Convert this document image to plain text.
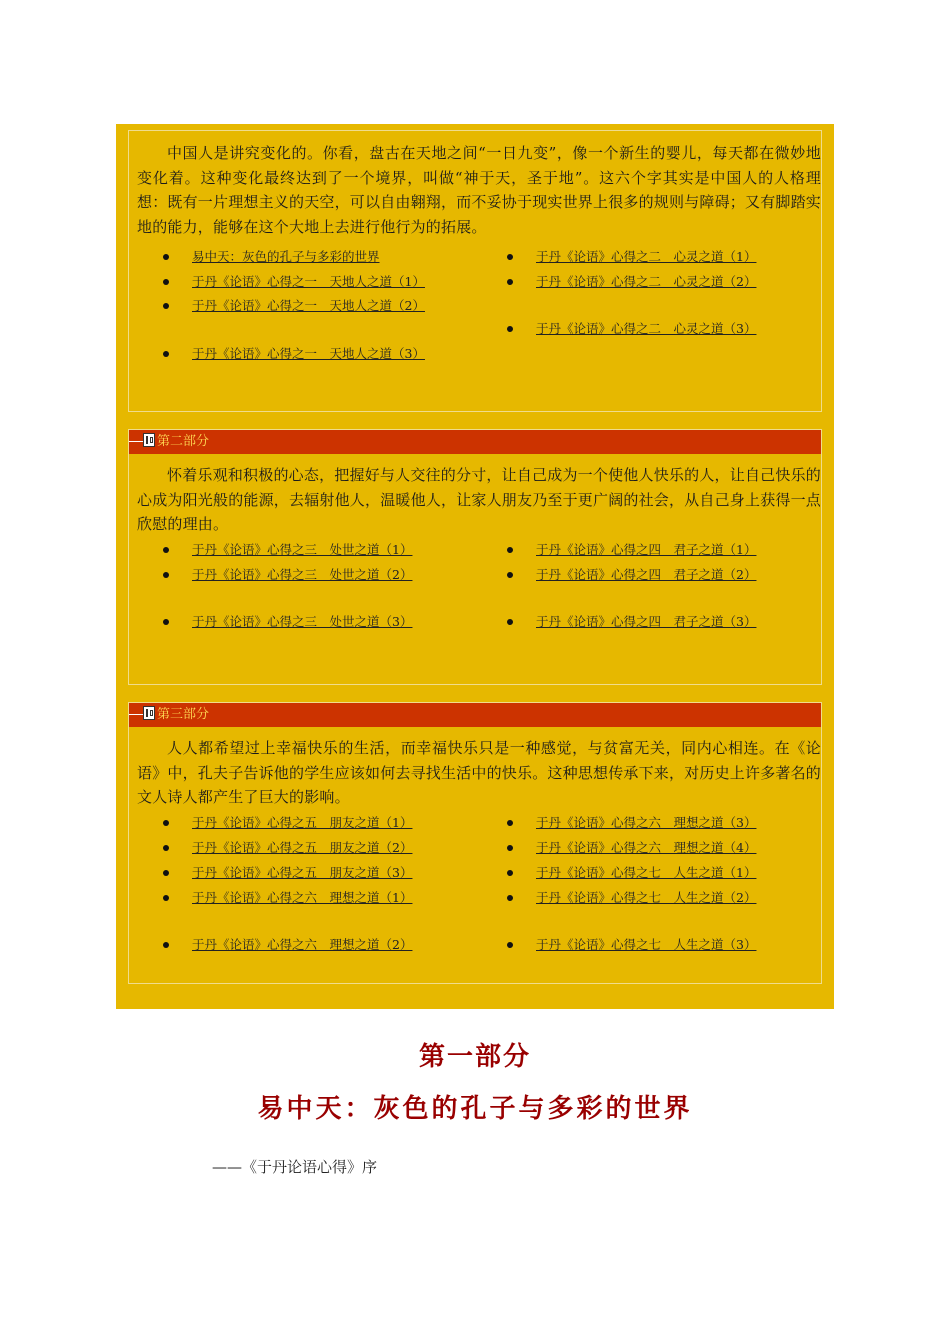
中国人是讲究变化的。你看，盘古在天地之间“一日九变”，像一个新生的婴儿，每天都在微妙地变化着。这种变化最终达到了一个境界，叫做“神于天，圣于地”。这六个字其实是中国人的人格理想：既有一片理想主义的天空，可以自由翱翔，而不妥协于现实世界上很多的规则与障碍；又有脚踏实地的能力，能够在这个大地上去进行他行为的拓展。

易中天：灰色的孔子与多彩的世界
于丹《论语》心得之一　天地人之道（1）
于丹《论语》心得之一　天地人之道（2）
于丹《论语》心得之一　天地人之道（3）
于丹《论语》心得之二　心灵之道（1）
于丹《论语》心得之二　心灵之道（2）
于丹《论语》心得之二　心灵之道（3）
第二部分

怀着乐观和积极的心态，把握好与人交往的分寸，让自己成为一个使他人快乐的人，让自己快乐的心成为阳光般的能源，去辐射他人，温暖他人，让家人朋友乃至于更广阔的社会，从自己身上获得一点欣慰的理由。

于丹《论语》心得之三　处世之道（1）
于丹《论语》心得之三　处世之道（2）
于丹《论语》心得之三　处世之道（3）
于丹《论语》心得之四　君子之道（1）
于丹《论语》心得之四　君子之道（2）
于丹《论语》心得之四　君子之道（3）
第三部分

人人都希望过上幸福快乐的生活，而幸福快乐只是一种感觉，与贫富无关，同内心相连。在《论语》中，孔夫子告诉他的学生应该如何去寻找生活中的快乐。这种思想传承下来，对历史上许多著名的文人诗人都产生了巨大的影响。

于丹《论语》心得之五　朋友之道（1）
于丹《论语》心得之五　朋友之道（2）
于丹《论语》心得之五　朋友之道（3）
于丹《论语》心得之六　理想之道（1）
于丹《论语》心得之六　理想之道（2）
于丹《论语》心得之六　理想之道（3）
于丹《论语》心得之六　理想之道（4）
于丹《论语》心得之七　人生之道（1）
于丹《论语》心得之七　人生之道（2）
于丹《论语》心得之七　人生之道（3）
第一部分
易中天：灰色的孔子与多彩的世界
——《于丹论语心得》序
